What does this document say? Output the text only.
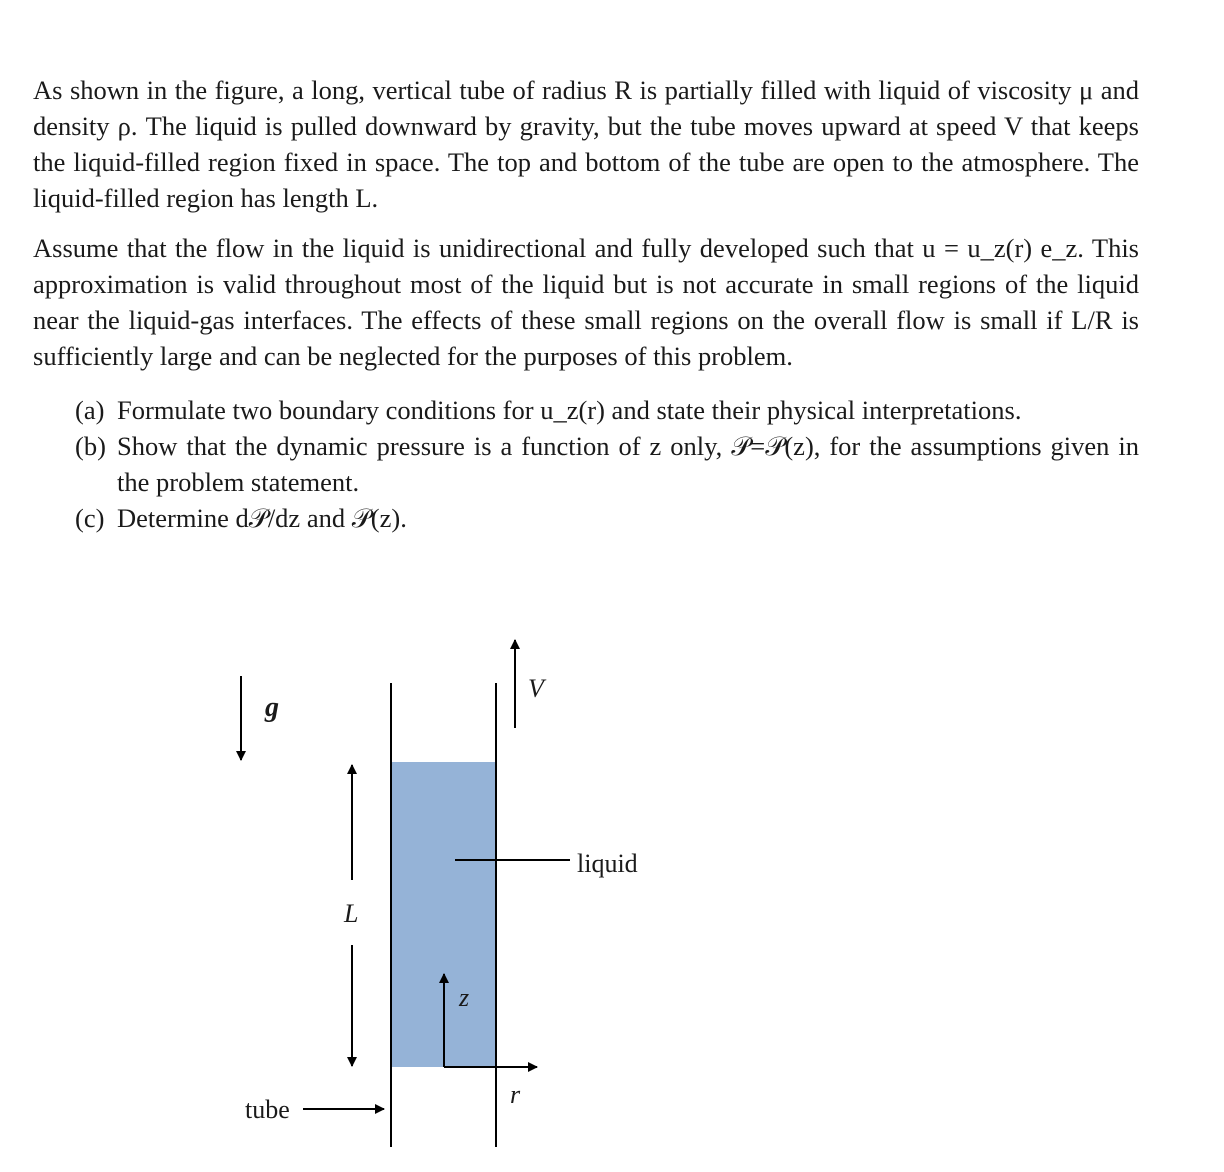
As shown in the figure, a long, vertical tube of radius R is partially filled with liquid of viscosity μ and density ρ. The liquid is pulled downward by gravity, but the tube moves upward at speed V that keeps the liquid-filled region fixed in space. The top and bottom of the tube are open to the atmosphere. The liquid-filled region has length L.

Assume that the flow in the liquid is unidirectional and fully developed such that u = u_z(r) e_z. This approximation is valid throughout most of the liquid but is not accurate in small regions of the liquid near the liquid-gas interfaces. The effects of these small regions on the overall flow is small if L/R is sufficiently large and can be neglected for the purposes of this problem.

(a) Formulate two boundary conditions for u_z(r) and state their physical interpretations.
(b) Show that the dynamic pressure is a function of z only, 𝒫=𝒫(z), for the assumptions given in the problem statement.
(c) Determine d𝒫/dz and 𝒫(z).
g
V
L
liquid
z
r
tube
